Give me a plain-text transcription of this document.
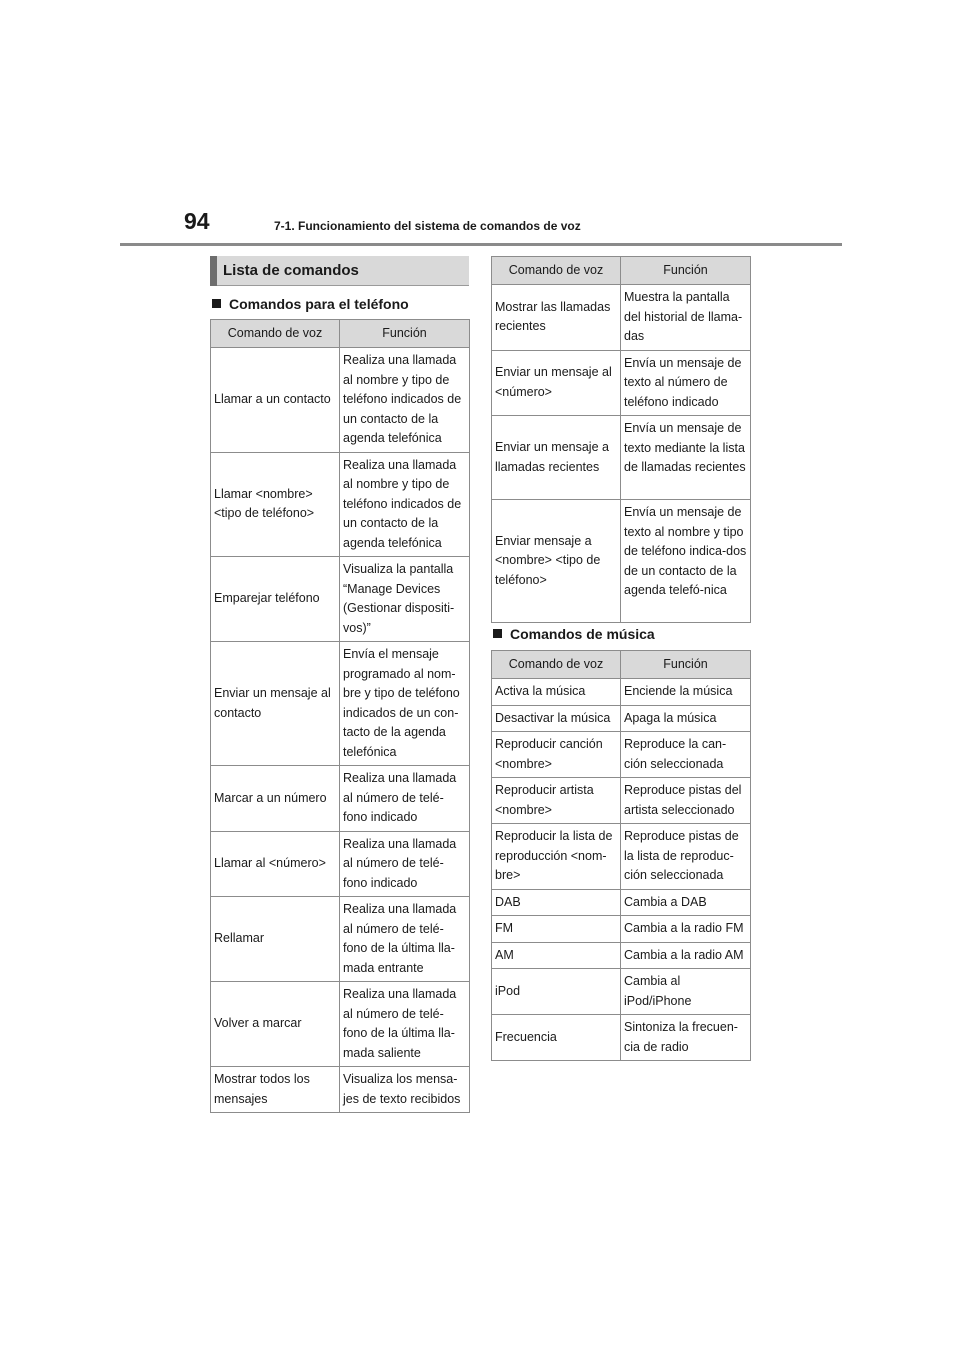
94	7-1. Funcionamiento del sistema de comandos de voz
Lista de comandos
Comandos para el teléfono
Comando de voz	Función
Llamar a un contacto	Realiza una llamada al nombre y tipo de teléfono indicados de un contacto de la agenda telefónica
Llamar <nombre> <tipo de teléfono>	Realiza una llamada al nombre y tipo de teléfono indicados de un contacto de la agenda telefónica
Emparejar teléfono	Visualiza la pantalla “Manage Devices (Gestionar dispositi-vos)”
Enviar un mensaje al contacto	Envía el mensaje programado al nom-bre y tipo de teléfono indicados de un con-tacto de la agenda telefónica
Marcar a un número	Realiza una llamada al número de telé-fono indicado
Llamar al <número>	Realiza una llamada al número de telé-fono indicado
Rellamar	Realiza una llamada al número de telé-fono de la última lla-mada entrante
Volver a marcar	Realiza una llamada al número de telé-fono de la última lla-mada saliente
Mostrar todos los mensajes	Visualiza los mensa-jes de texto recibidos
Comando de voz	Función
Mostrar las llamadas recientes	Muestra la pantalla del historial de llama-das
Enviar un mensaje al <número>	Envía un mensaje de texto al número de teléfono indicado
Enviar un mensaje a llamadas recientes	Envía un mensaje de texto mediante la lista de llamadas recientes
Enviar mensaje a <nombre> <tipo de teléfono>	Envía un mensaje de texto al nombre y tipo de teléfono indica-dos de un contacto de la agenda telefó-nica
Comandos de música
Comando de voz	Función
Activa la música	Enciende la música
Desactivar la música	Apaga la música
Reproducir canción <nombre>	Reproduce la can-ción seleccionada
Reproducir artista <nombre>	Reproduce pistas del artista seleccionado
Reproducir la lista de reproducción <nom-bre>	Reproduce pistas de la lista de reproduc-ción seleccionada
DAB	Cambia a DAB
FM	Cambia a la radio FM
AM	Cambia a la radio AM
iPod	Cambia al iPod/iPhone
Frecuencia	Sintoniza la frecuen-cia de radio
